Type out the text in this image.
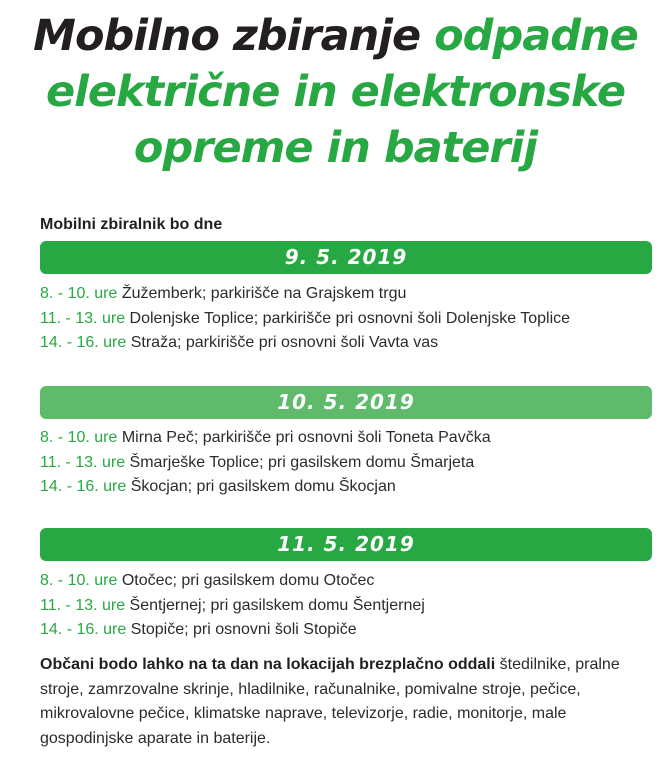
Mobilno zbiranje odpadne
električne in elektronske
opreme in baterij
Mobilni zbiralnik bo dne
9. 5. 2019
8. - 10. ure Žužemberk; parkirišče na Grajskem trgu
11. - 13. ure Dolenjske Toplice; parkirišče pri osnovni šoli Dolenjske Toplice
14. - 16. ure Straža; parkirišče pri osnovni šoli Vavta vas
10. 5. 2019
8. - 10. ure Mirna Peč; parkirišče pri osnovni šoli Toneta Pavčka
11. - 13. ure Šmarješke Toplice; pri gasilskem domu Šmarjeta
14. - 16. ure Škocjan; pri gasilskem domu Škocjan
11. 5. 2019
8. - 10. ure Otočec; pri gasilskem domu Otočec
11. - 13. ure Šentjernej; pri gasilskem domu Šentjernej
14. - 16. ure Stopiče; pri osnovni šoli Stopiče
Občani bodo lahko na ta dan na lokacijah brezplačno oddali štedilnike, pralne stroje, zamrzovalne skrinje, hladilnike, računalnike, pomivalne stroje, pečice, mikrovalovne pečice, klimatske naprave, televizorje, radie, monitorje, male gospodinjske aparate in baterije.
